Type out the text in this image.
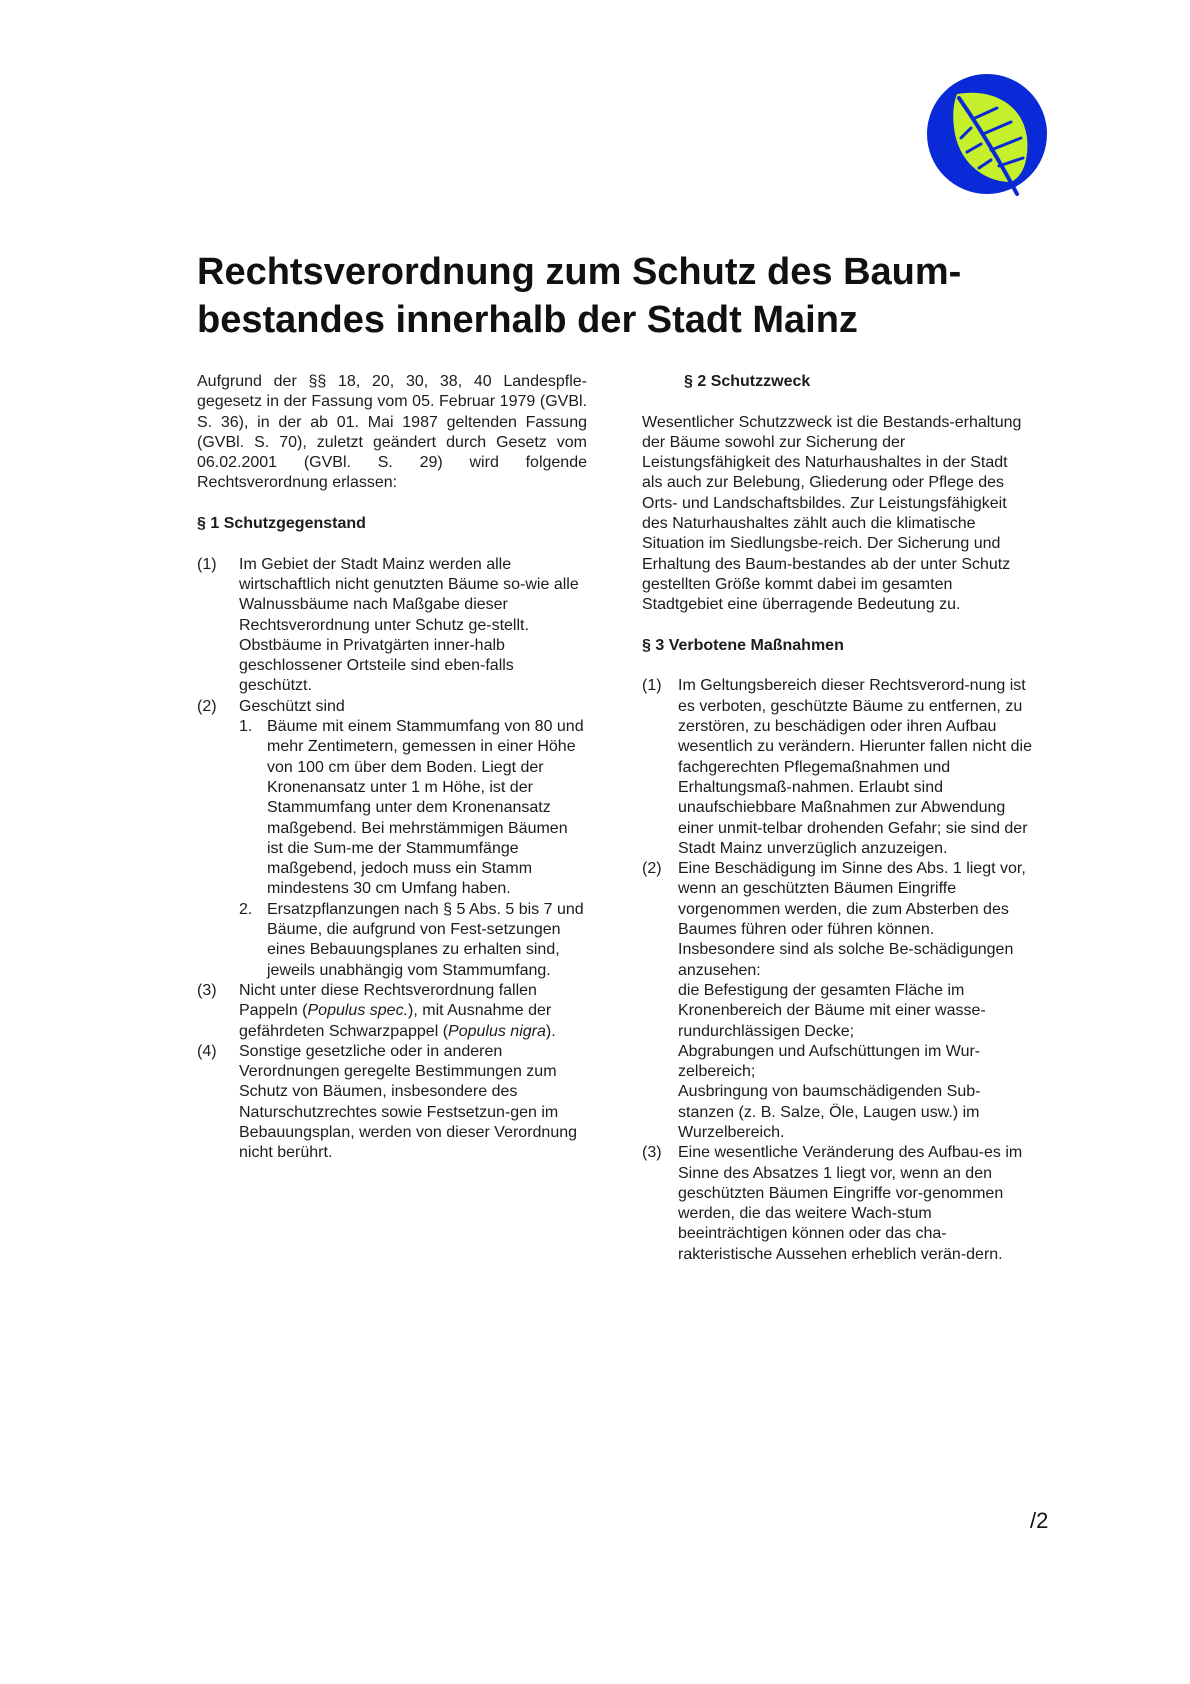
Rechtsverordnung zum Schutz des Baum-
bestandes innerhalb der Stadt Mainz

Aufgrund der §§ 18, 20, 30, 38, 40 Landespfle-gegesetz in der Fassung vom 05. Februar 1979 (GVBl. S. 36), in der ab 01. Mai 1987 geltenden Fassung (GVBl. S. 70), zuletzt geändert durch Gesetz vom 06.02.2001 (GVBl. S. 29) wird folgende Rechtsverordnung erlassen:

§ 1 Schutzgegenstand

(1)	Im Gebiet der Stadt Mainz werden alle wirtschaftlich nicht genutzten Bäume so-wie alle Walnussbäume nach Maßgabe dieser Rechtsverordnung unter Schutz ge-stellt. Obstbäume in Privatgärten inner-halb geschlossener Ortsteile sind eben-falls geschützt.
(2)	Geschützt sind
1. Bäume mit einem Stammumfang von 80 und mehr Zentimetern, gemessen in einer Höhe von 100 cm über dem Boden. Liegt der Kronenansatz unter 1 m Höhe, ist der Stammumfang unter dem Kronenansatz maßgebend. Bei mehrstämmigen Bäumen ist die Sum-me der Stammumfänge maßgebend, jedoch muss ein Stamm mindestens 30 cm Umfang haben.
2. Ersatzpflanzungen nach § 5 Abs. 5 bis 7 und Bäume, die aufgrund von Fest-setzungen eines Bebauungsplanes zu erhalten sind, jeweils unabhängig vom Stammumfang.
(3)	Nicht unter diese Rechtsverordnung fallen Pappeln (Populus spec.), mit Ausnahme der gefährdeten Schwarzpappel (Populus nigra).
(4)	Sonstige gesetzliche oder in anderen Verordnungen geregelte Bestimmungen zum Schutz von Bäumen, insbesondere des Naturschutzrechtes sowie Festsetzun-gen im Bebauungsplan, werden von dieser Verordnung nicht berührt.

§ 2 Schutzzweck

Wesentlicher Schutzzweck ist die Bestands-erhaltung der Bäume sowohl zur Sicherung der Leistungsfähigkeit des Naturhaushaltes in der Stadt als auch zur Belebung, Gliederung oder Pflege des Orts- und Landschaftsbildes. Zur Leistungsfähigkeit des Naturhaushaltes zählt auch die klimatische Situation im Siedlungsbe-reich. Der Sicherung und Erhaltung des Baum-bestandes ab der unter Schutz gestellten Größe kommt dabei im gesamten Stadtgebiet eine überragende Bedeutung zu.

§ 3 Verbotene Maßnahmen

(1)	Im Geltungsbereich dieser Rechtsverord-nung ist es verboten, geschützte Bäume zu entfernen, zu zerstören, zu beschädigen oder ihren Aufbau wesentlich zu verändern. Hierunter fallen nicht die fachgerechten Pflegemaßnahmen und Erhaltungsmaß-nahmen. Erlaubt sind unaufschiebbare Maßnahmen zur Abwendung einer unmit-telbar drohenden Gefahr; sie sind der Stadt Mainz unverzüglich anzuzeigen.
(2)	Eine Beschädigung im Sinne des Abs. 1 liegt vor, wenn an geschützten Bäumen Eingriffe vorgenommen werden, die zum Absterben des Baumes führen oder führen können. Insbesondere sind als solche Be-schädigungen anzusehen:
die Befestigung der gesamten Fläche im Kronenbereich der Bäume mit einer wasse-rundurchlässigen Decke;
Abgrabungen und Aufschüttungen im Wur-zelbereich;
Ausbringung von baumschädigenden Sub-stanzen (z. B. Salze, Öle, Laugen usw.) im Wurzelbereich.
(3)	Eine wesentliche Veränderung des Aufbau-es im Sinne des Absatzes 1 liegt vor, wenn an den geschützten Bäumen Eingriffe vor-genommen werden, die das weitere Wach-stum beeinträchtigen können oder das cha-rakteristische Aussehen erheblich verän-dern.
/2
